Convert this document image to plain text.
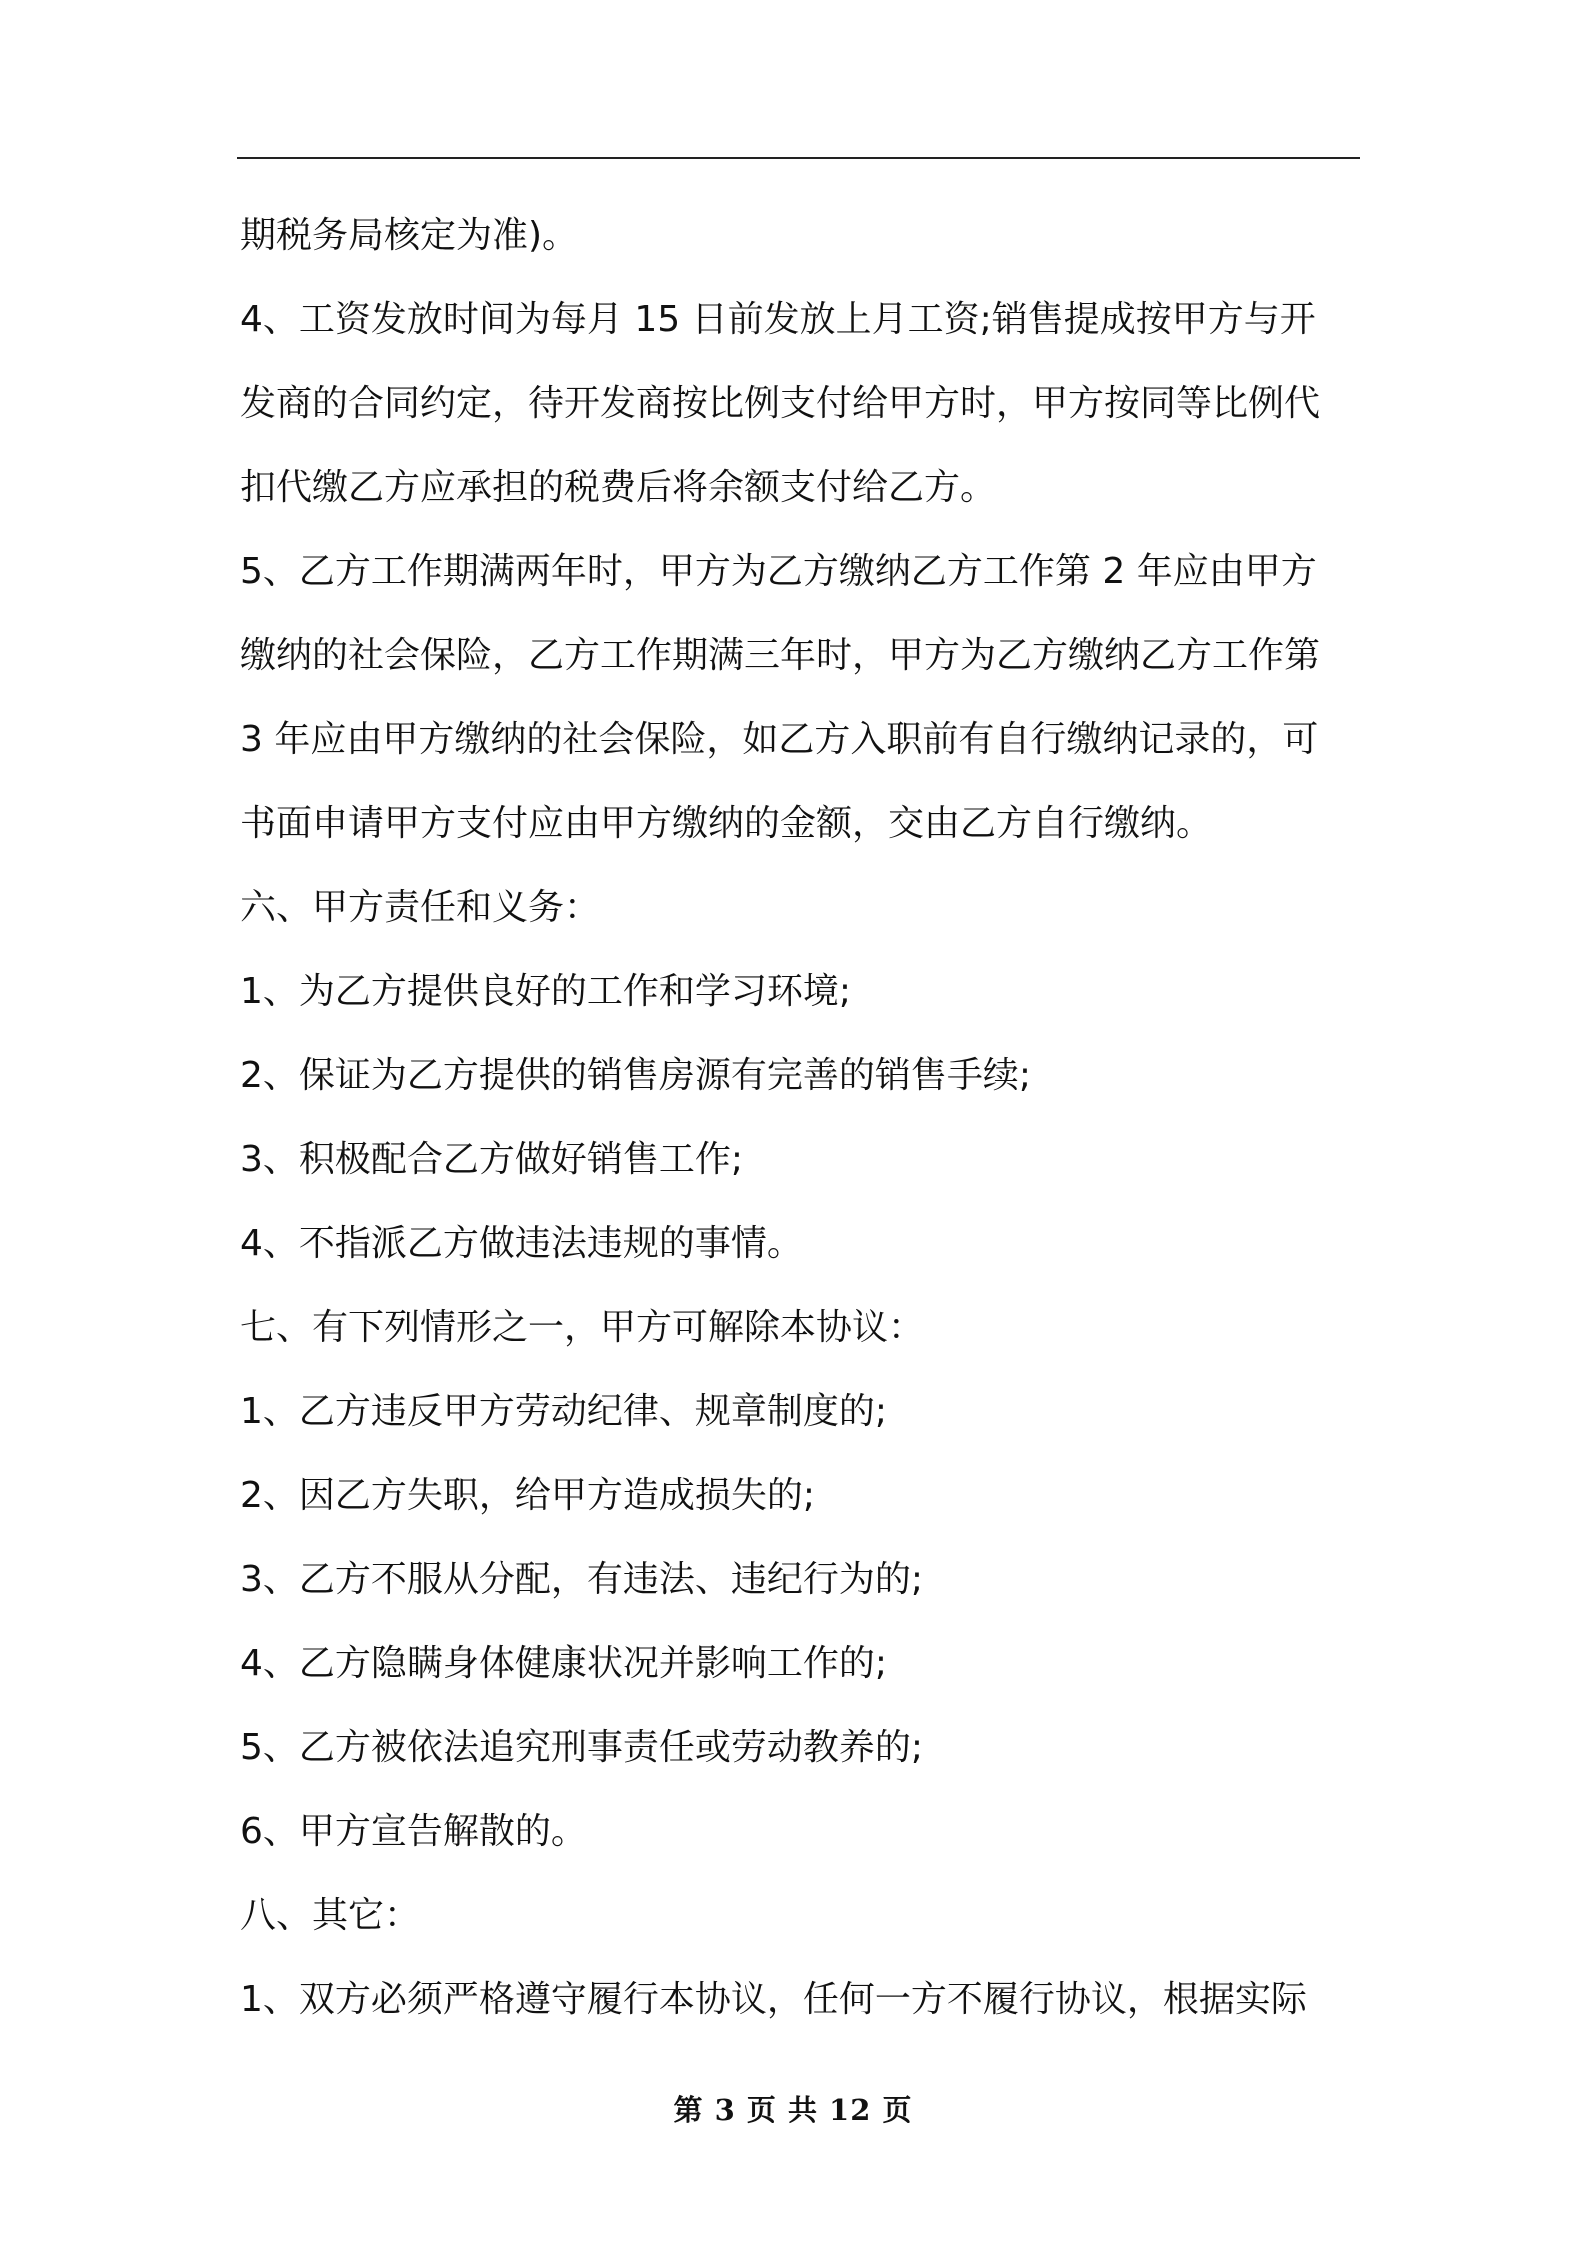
期税务局核定为准)。
4、工资发放时间为每月 15 日前发放上月工资;销售提成按甲方与开
发商的合同约定，待开发商按比例支付给甲方时，甲方按同等比例代
扣代缴乙方应承担的税费后将余额支付给乙方。
5、乙方工作期满两年时，甲方为乙方缴纳乙方工作第 2 年应由甲方
缴纳的社会保险，乙方工作期满三年时，甲方为乙方缴纳乙方工作第
3 年应由甲方缴纳的社会保险，如乙方入职前有自行缴纳记录的，可
书面申请甲方支付应由甲方缴纳的金额，交由乙方自行缴纳。
六、甲方责任和义务：
1、为乙方提供良好的工作和学习环境;
2、保证为乙方提供的销售房源有完善的销售手续;
3、积极配合乙方做好销售工作;
4、不指派乙方做违法违规的事情。
七、有下列情形之一，甲方可解除本协议：
1、乙方违反甲方劳动纪律、规章制度的;
2、因乙方失职，给甲方造成损失的;
3、乙方不服从分配，有违法、违纪行为的;
4、乙方隐瞒身体健康状况并影响工作的;
5、乙方被依法追究刑事责任或劳动教养的;
6、甲方宣告解散的。
八、其它：
1、双方必须严格遵守履行本协议，任何一方不履行协议，根据实际
第 3 页 共 12 页
